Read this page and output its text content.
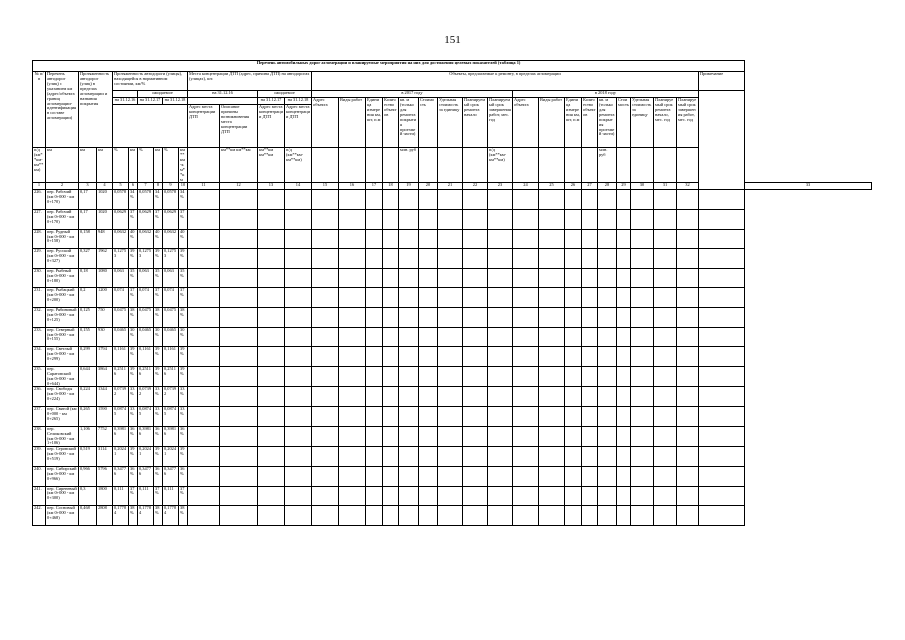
151
Перечень автомобильных дорог агломерации и планируемые мероприятия на них для достижения целевых показателей (таблица 1)																																	
№ п/п	Перечень автодорог (улиц) с указанием км (адрес/объекта границ агломерации-идентификация в составе агломерации)	Протяженность автодорог (улиц) в пределах агломерации и названия покрытия		Протяженность автодороги (улицы), находящейся в нормативном состоянии, км/%						Места концентрации ДТП (адрес, причина ДТП) на автодорогах (улицах), шт.				Объекты, предлагаемые к ремонту, в пределах агломерации																		Примечание	
						ожидаемое				на 31.12.16		ожидаемое		в 2017 году									в 2018 году										
				на 31.12.16		на 31.12.17		на 31.12.18				на 31.12.17	на 31.12.18	Адрес объекта	Виды работ	Единица измерения км, шт, п.м	Количество объектов	кв. м (только для ремонта покрытия проезжей части)	Стоимость	Удельная стоимость за единицу	Планируемый срок ремонта начало	Планируемый срок завершения работ, мес. год	Адрес объекта	Виды работ	Единица измерения км, шт, п.м	Количество объектов	кв. м (только для ремонта покрытия проезжей части)	Стоимость	Удельная стоимость за единицу	Планируемый срок ремонта начало, мес. год	Планируемый срок завершения работ, мес. год		
										Адрес места концентрации ДТП	Описание причины возникновения места концентрации ДТП	Адрес места концентрации ДТП	Адрес места концентрации ДТП																				
п/д (км**км-км**км)	км	км	км	%	км	%	км	%	км**км-км**км		км**км км**км	км**км км**км	п/д (км**км-км**км)					млн. руб				п/д (км**км-км**км)					млн. руб						
1	2	3	4	5	6	7	8	9	10	11	12	13	14	15	16	17	18	19	20	21	22	23	24	25	26	27	28	29	30	31	32		33
226.	пер. Рабочий (км 0+000 - км 0+170)	0,17	1020	0,0578	34%	0,0578	34%	0,0578	34%																								
227.	пер. Рабочий (км 0+000 - км 0+170)	0,17	1020	0,0629	37%	0,0629	37%	0,0629	37%																								
228.	пер. Рудный (км 0+000 - км 0+158)	0,158	948	0,0632	40%	0,0632	40%	0,0632	40%																								
229.	пер. Русский (км 0+000 - км 0+327)	0,327	1962	0,12753	39%	0,12753	39%	0,12753	39%																								
230.	пер. Рыбный (км 0+000 - км 0+180)	0,18	1080	0,063	35%	0,063	35%	0,063	35%																								
231.	пер. Рыбацкий (км 0+000 - км 0+200)	0,2	1200	0,074	37%	0,074	37%	0,074	37%																								
232.	пер. Рябиновый (км 0+000 - км 0+125)	0,125	750	0,0475	38%	0,0475	38%	0,0475	38%																								
233.	пер. Северный (км 0+000 - км 0+155)	0,155	930	0,0465	30%	0,0465	30%	0,0465	30%																								
234.	пер. Светлый (км 0+000 - км 0+299)	0,299	1794	0,1161	39%	0,1161	39%	0,1161	39%																								
235.	пер. Саратовский (км 0+000 - км 0+644)	0,644	3864	0,25116	39%	0,25116	39%	0,25116	39%																								
236.	пер. Свободы (км 0+000 - км 0+224)	0,224	1344	0,07392	33%	0,07392	33%	0,07392	33%																								
237.	пер. Святой (км 0+000 - км 0+265)	0,265	1590	0,08745	33%	0,08745	33%	0,08745	33%																								
238.	пер. Селиковский (км 0+000 - км 1+106)	1,106	7752	0,39816	36%	0,39816	36%	0,39816	36%																								
239.	пер. Серовский (км 0+000 - км 0+519)	0,519	3114	0,20241	39%	0,20241	39%	0,20241	39%																								
240.	пер. Сибирский (км 0+000 - км 0+966)	0,966	5796	0,34776	36%	0,34776	36%	0,34776	36%																								
241.	пер. Сиреневый (км 0+000 - км 0+300)	0,3	1800	0,111	37%	0,111	37%	0,111	37%																								
242.	пер. Сосновый (км 0+000 - км 0+468)	0,468	2808	0,17784	38%	0,17784	38%	0,17784	38%																								
